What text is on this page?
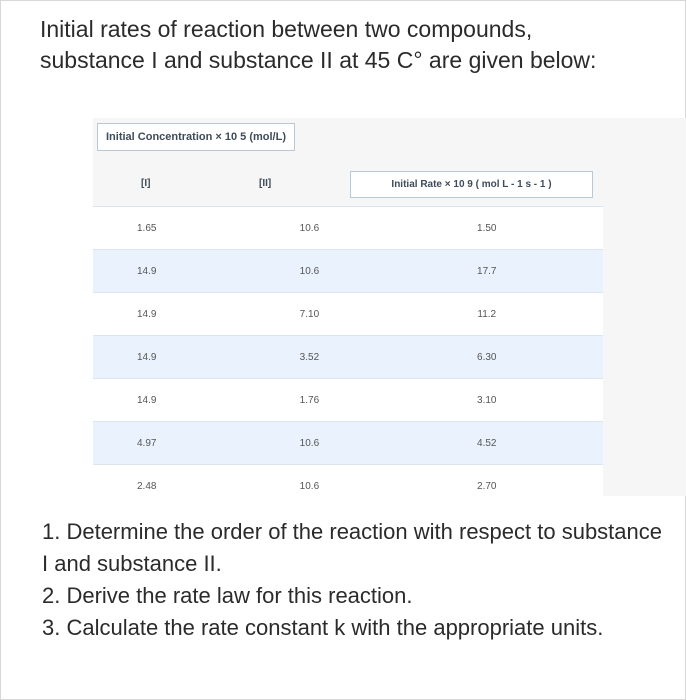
Initial rates of reaction between two compounds, substance I and substance II at 45 C° are given below:
Initial Concentration × 10 5 (mol/L)
[I]	[II]	Initial Rate × 10 9 ( mol L - 1 s - 1 )
1.65	10.6	1.50
14.9	10.6	17.7
14.9	7.10	11.2
14.9	3.52	6.30
14.9	1.76	3.10
4.97	10.6	4.52
2.48	10.6	2.70

1. Determine the order of the reaction with respect to substance I and substance II.

2. Derive the rate law for this reaction.

3. Calculate the rate constant k with the appropriate units.
